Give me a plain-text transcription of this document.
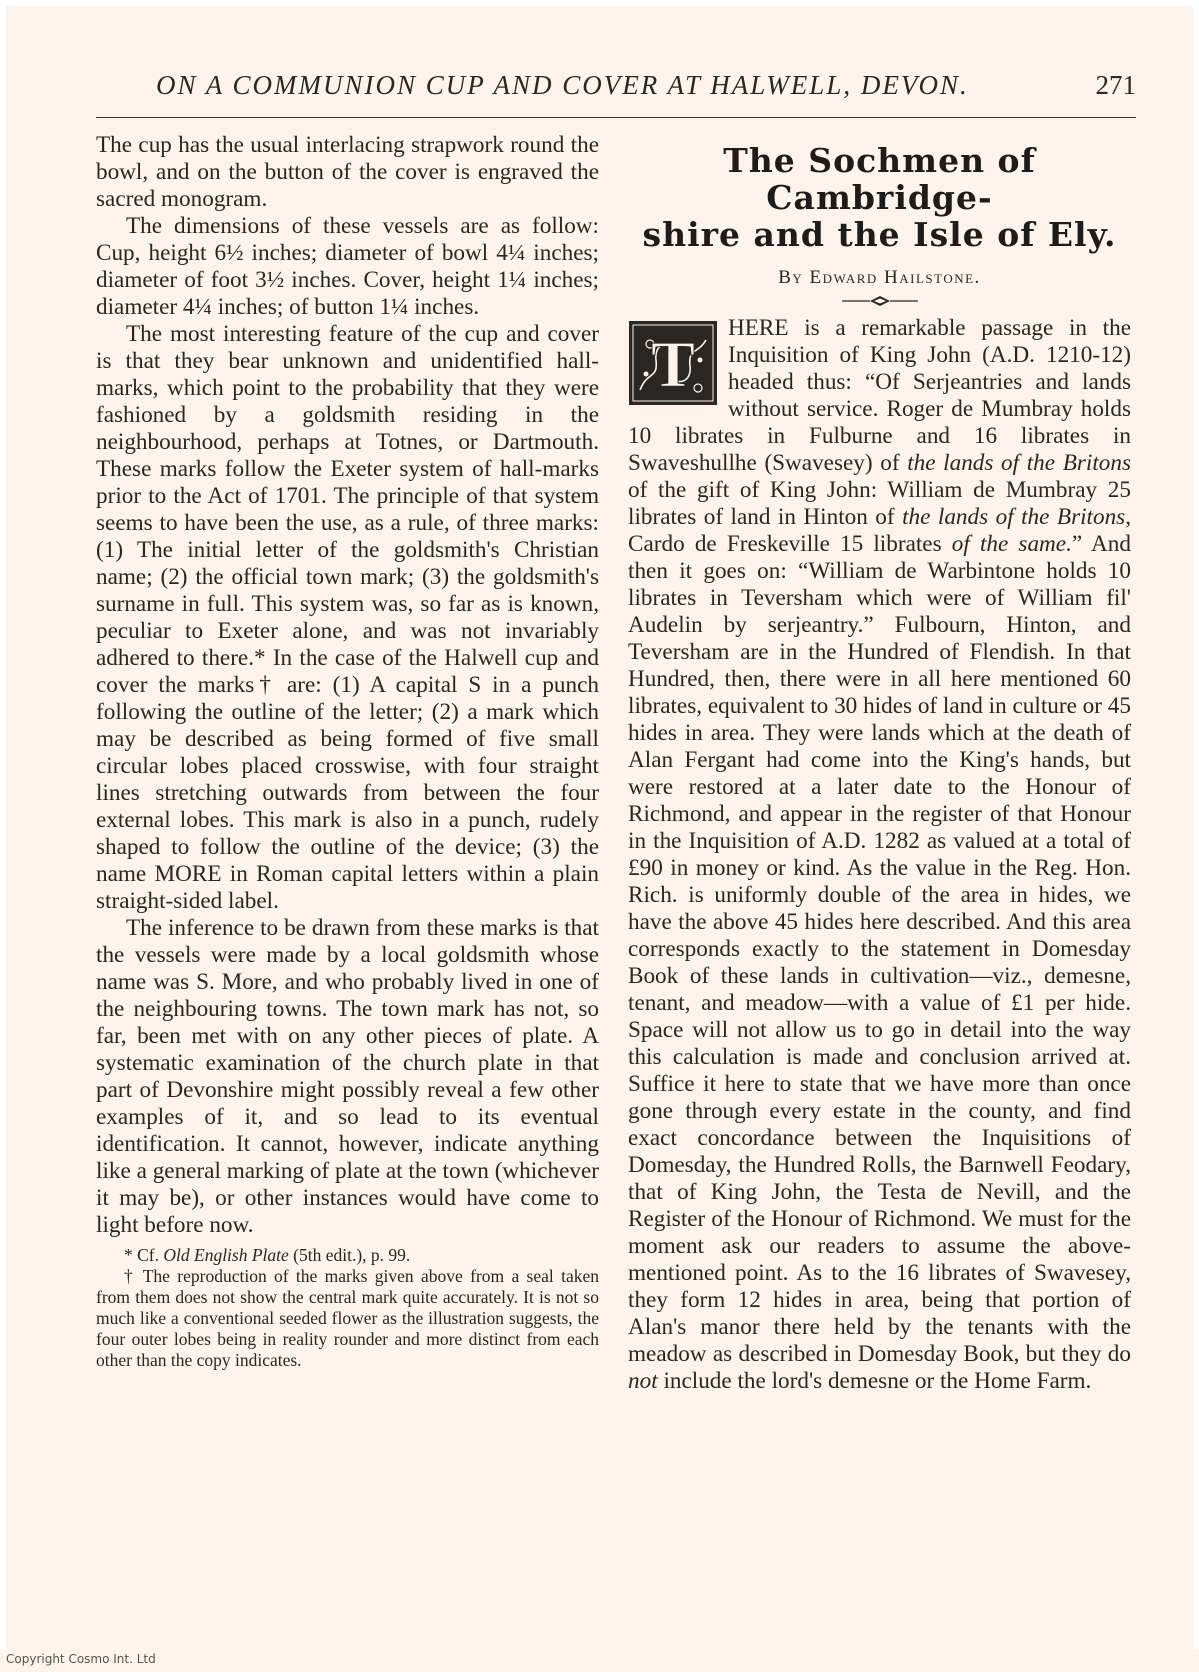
ON A COMMUNION CUP AND COVER AT HALWELL, DEVON.	271

The cup has the usual interlacing strapwork round the bowl, and on the button of the cover is engraved the sacred monogram.

The dimensions of these vessels are as follow: Cup, height 6½ inches; diameter of bowl 4¼ inches; diameter of foot 3½ inches. Cover, height 1¼ inches; diameter 4¼ inches; of button 1¼ inches.

The most interesting feature of the cup and cover is that they bear unknown and unidentified hall-marks, which point to the probability that they were fashioned by a goldsmith residing in the neighbourhood, perhaps at Totnes, or Dartmouth. These marks follow the Exeter system of hall-marks prior to the Act of 1701. The principle of that system seems to have been the use, as a rule, of three marks: (1) The initial letter of the goldsmith's Christian name; (2) the official town mark; (3) the goldsmith's surname in full. This system was, so far as is known, peculiar to Exeter alone, and was not invariably adhered to there.* In the case of the Halwell cup and cover the marks† are: (1) A capital S in a punch following the outline of the letter; (2) a mark which may be described as being formed of five small circular lobes placed crosswise, with four straight lines stretching outwards from between the four external lobes. This mark is also in a punch, rudely shaped to follow the outline of the device; (3) the name MORE in Roman capital letters within a plain straight-sided label.

The inference to be drawn from these marks is that the vessels were made by a local goldsmith whose name was S. More, and who probably lived in one of the neighbouring towns. The town mark has not, so far, been met with on any other pieces of plate. A systematic examination of the church plate in that part of Devonshire might possibly reveal a few other examples of it, and so lead to its eventual identification. It cannot, however, indicate anything like a general marking of plate at the town (whichever it may be), or other instances would have come to light before now.

* Cf. Old English Plate (5th edit.), p. 99.

† The reproduction of the marks given above from a seal taken from them does not show the central mark quite accurately. It is not so much like a conventional seeded flower as the illustration suggests, the four outer lobes being in reality rounder and more distinct from each other than the copy indicates.

The Sochmen of Cambridge-
shire and the Isle of Ely.

By Edward Hailstone.

T	HERE is a remarkable passage in the Inquisition of King John (A.D. 1210-12) headed thus: “Of Serjeantries and lands without service. Roger de Mumbray holds 10 librates in Fulburne and 16 librates in Swaveshullhe (Swavesey) of the lands of the Britons of the gift of King John: William de Mumbray 25 librates of land in Hinton of the lands of the Britons, Cardo de Freskeville 15 librates of the same.” And then it goes on: “William de Warbintone holds 10 librates in Teversham which were of William fil' Audelin by serjeantry.” Fulbourn, Hinton, and Teversham are in the Hundred of Flendish. In that Hundred, then, there were in all here mentioned 60 librates, equivalent to 30 hides of land in culture or 45 hides in area. They were lands which at the death of Alan Fergant had come into the King's hands, but were restored at a later date to the Honour of Richmond, and appear in the register of that Honour in the Inquisition of A.D. 1282 as valued at a total of £90 in money or kind. As the value in the Reg. Hon. Rich. is uniformly double of the area in hides, we have the above 45 hides here described. And this area corresponds exactly to the statement in Domesday Book of these lands in cultivation—viz., demesne, tenant, and meadow—with a value of £1 per hide. Space will not allow us to go in detail into the way this calculation is made and conclusion arrived at. Suffice it here to state that we have more than once gone through every estate in the county, and find exact concordance between the Inquisitions of Domesday, the Hundred Rolls, the Barnwell Feodary, that of King John, the Testa de Nevill, and the Register of the Honour of Richmond. We must for the moment ask our readers to assume the above-mentioned point. As to the 16 librates of Swavesey, they form 12 hides in area, being that portion of Alan's manor there held by the tenants with the meadow as described in Domesday Book, but they do not include the lord's demesne or the Home Farm.

Copyright Cosmo Int. Ltd
